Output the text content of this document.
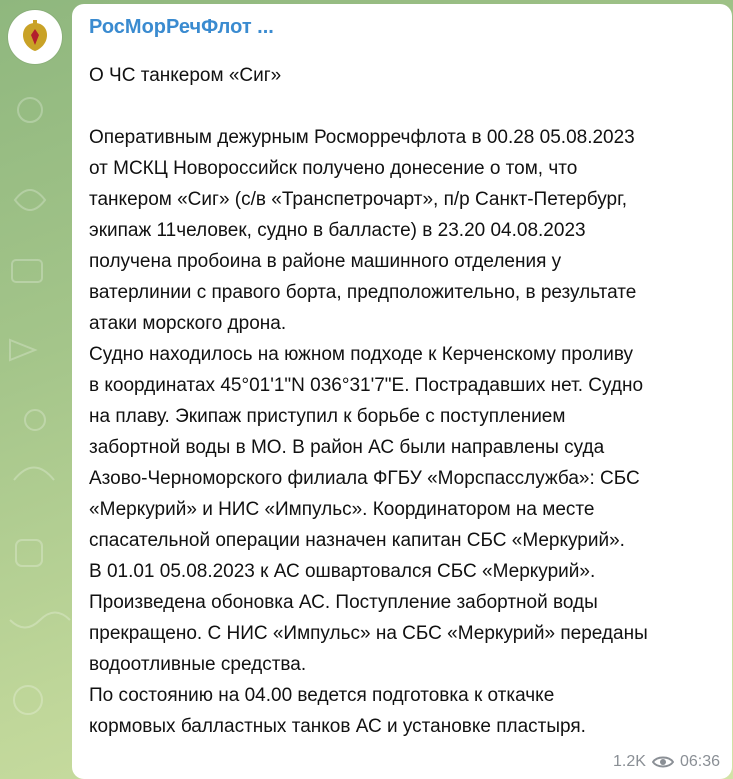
РосМорРечФлот ...

О ЧС танкером «Сиг»

Оперативным дежурным Росморречфлота в 00.28 05.08.2023
от МСКЦ Новороссийск получено донесение о том, что
танкером «Сиг» (с/в «Транспетрочарт», п/р Санкт-Петербург,
экипаж 11человек, судно в балласте) в 23.20 04.08.2023
получена пробоина в районе машинного отделения у
ватерлинии с правого борта, предположительно, в результате
атаки морского дрона.

Судно находилось на южном подходе к Керченскому проливу
в координатах 45°01'1"N 036°31'7"E. Пострадавших нет. Судно
на плаву. Экипаж приступил к борьбе с поступлением
забортной воды в МО. В район АС были направлены суда
Азово-Черноморского филиала ФГБУ «Морспасслужба»: СБС
«Меркурий» и НИС «Импульс». Координатором на месте
спасательной операции назначен капитан СБС «Меркурий».

В 01.01 05.08.2023 к АС ошвартовался СБС «Меркурий».
Произведена обоновка АС. Поступление забортной воды
прекращено. С НИС «Импульс» на СБС «Меркурий» переданы
водоотливные средства.

По состоянию на 04.00 ведется подготовка к откачке
кормовых балластных танков АС и установке пластыря.

1.2K 06:36
